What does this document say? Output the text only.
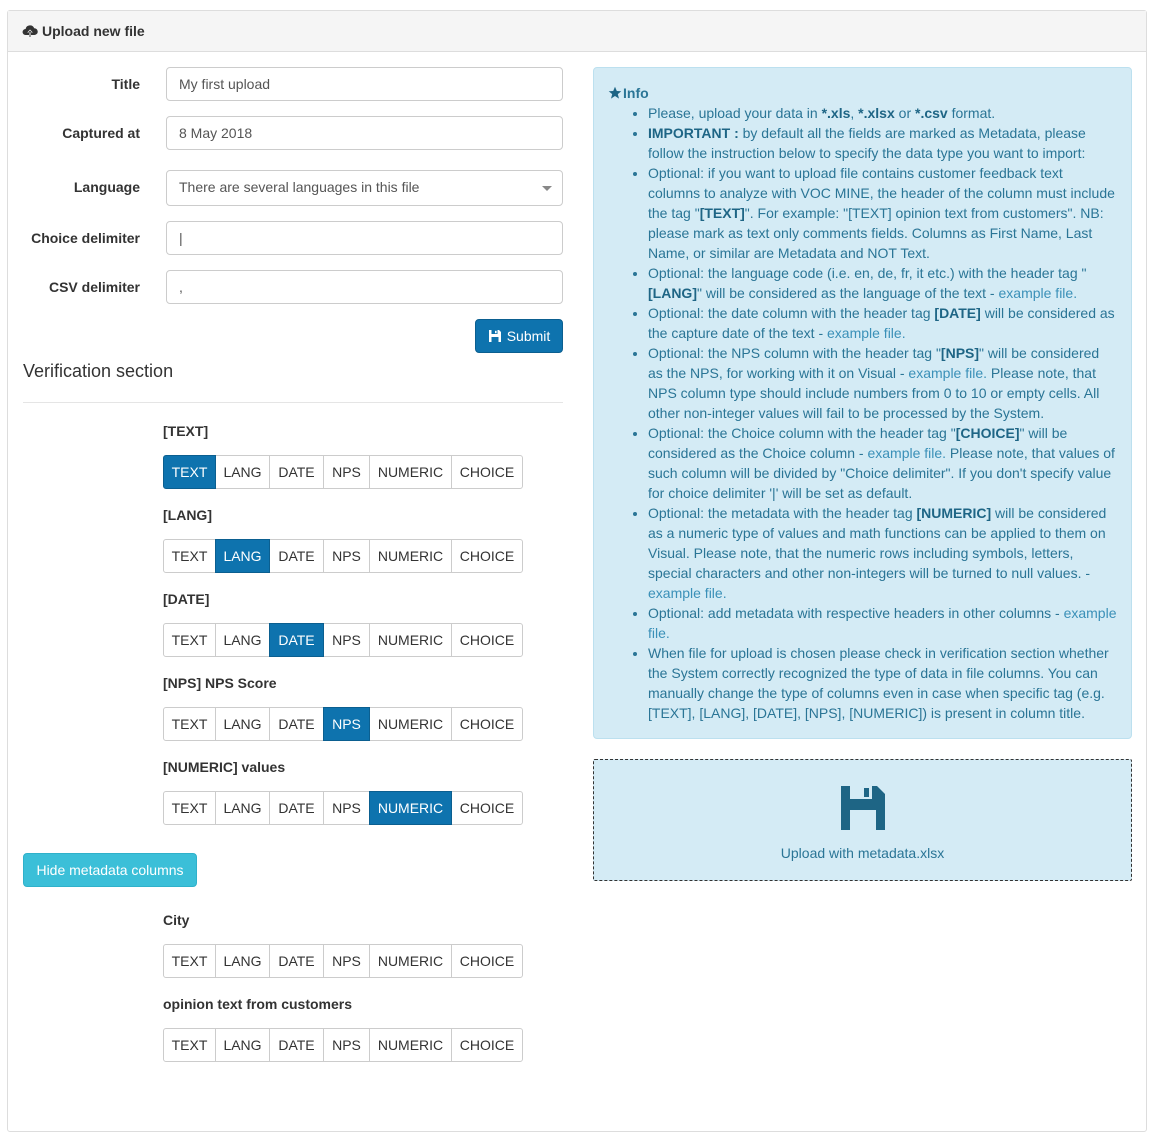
Upload new file
Title	My first upload
Captured at	8 May 2018
Language	There are several languages in this file
Choice delimiter	|
CSV delimiter	,
Submit
Verification section
[TEXT]
TEXT	LANG	DATE	NPS	NUMERIC	CHOICE
[LANG]
TEXT	LANG	DATE	NPS	NUMERIC	CHOICE
[DATE]
TEXT	LANG	DATE	NPS	NUMERIC	CHOICE
[NPS] NPS Score
TEXT	LANG	DATE	NPS	NUMERIC	CHOICE
[NUMERIC] values
TEXT	LANG	DATE	NPS	NUMERIC	CHOICE
Hide metadata columns
City
TEXT	LANG	DATE	NPS	NUMERIC	CHOICE
opinion text from customers
TEXT	LANG	DATE	NPS	NUMERIC	CHOICE
Info
• Please, upload your data in *.xls, *.xlsx or *.csv format.
• IMPORTANT : by default all the fields are marked as Metadata, please follow the instruction below to specify the data type you want to import:
• Optional: if you want to upload file contains customer feedback text columns to analyze with VOC MINE, the header of the column must include the tag "[TEXT]". For example: "[TEXT] opinion text from customers". NB: please mark as text only comments fields. Columns as First Name, Last Name, or similar are Metadata and NOT Text.
• Optional: the language code (i.e. en, de, fr, it etc.) with the header tag "[LANG]" will be considered as the language of the text - example file.
• Optional: the date column with the header tag [DATE] will be considered as the capture date of the text - example file.
• Optional: the NPS column with the header tag "[NPS]" will be considered as the NPS, for working with it on Visual - example file. Please note, that NPS column type should include numbers from 0 to 10 or empty cells. All other non-integer values will fail to be processed by the System.
• Optional: the Choice column with the header tag "[CHOICE]" will be considered as the Choice column - example file. Please note, that values of such column will be divided by "Choice delimiter". If you don't specify value for choice delimiter '|' will be set as default.
• Optional: the metadata with the header tag [NUMERIC] will be considered as a numeric type of values and math functions can be applied to them on Visual. Please note, that the numeric rows including symbols, letters, special characters and other non-integers will be turned to null values. - example file.
• Optional: add metadata with respective headers in other columns - example file.
• When file for upload is chosen please check in verification section whether the System correctly recognized the type of data in file columns. You can manually change the type of columns even in case when specific tag (e.g. [TEXT], [LANG], [DATE], [NPS], [NUMERIC]) is present in column title.
Upload with metadata.xlsx
